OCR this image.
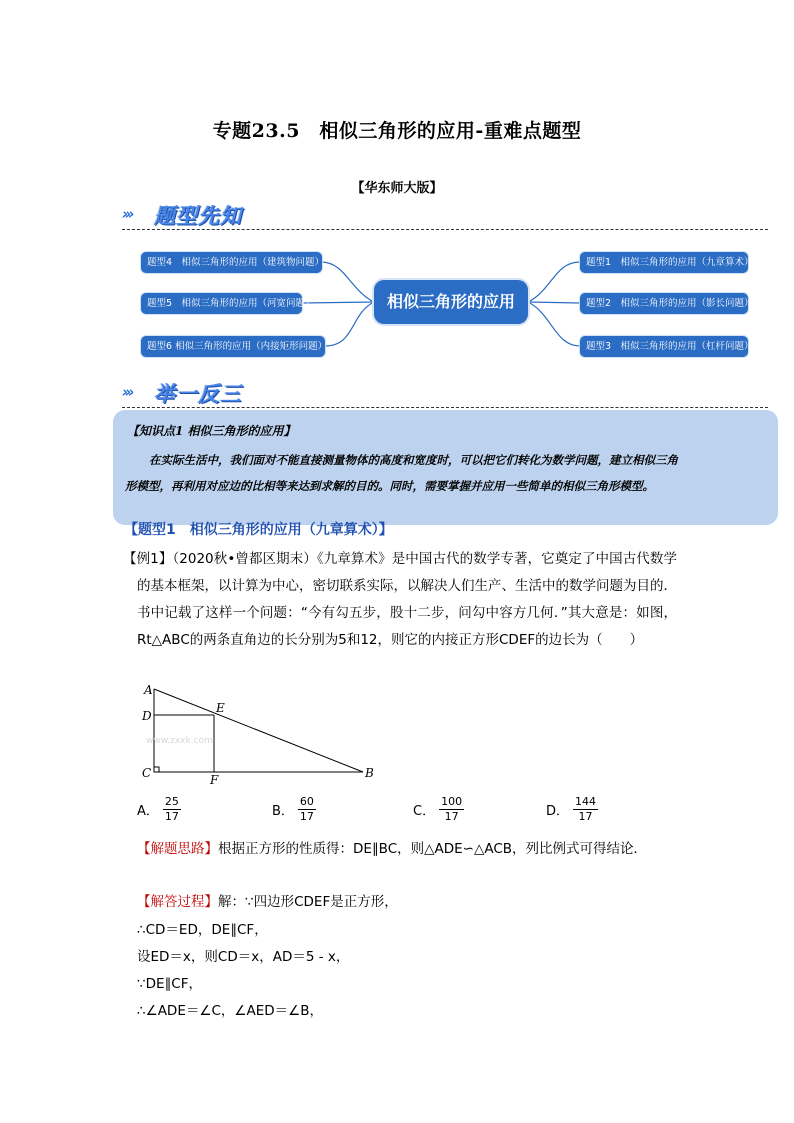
专题23.5　相似三角形的应用-重难点题型
【华东师大版】
››› 题型先知
题型4　相似三角形的应用（建筑物问题）
题型5　相似三角形的应用（河宽问题）
题型6 相似三角形的应用（内接矩形问题）
相似三角形的应用
题型1　相似三角形的应用（九章算术）
题型2　相似三角形的应用（影长问题）
题型3　相似三角形的应用（杠杆问题）
››› 举一反三
【知识点1 相似三角形的应用】
在实际生活中，我们面对不能直接测量物体的高度和宽度时，可以把它们转化为数学问题，建立相似三角形模型，再利用对应边的比相等来达到求解的目的。同时，需要掌握并应用一些简单的相似三角形模型。
【题型1　相似三角形的应用（九章算术）】
【例1】（2020秋•曾都区期末）《九章算术》是中国古代的数学专著，它奠定了中国古代数学的基本框架，以计算为中心，密切联系实际，以解决人们生产、生活中的数学问题为目的．书中记载了这样一个问题：“今有勾五步，股十二步，问勾中容方几何．”其大意是：如图，Rt△ABC的两条直角边的长分别为5和12，则它的内接正方形CDEF的边长为（　　）
www.zxxk.com
A
D
E
C	F	B
A． $\frac{25}{17}$	B． $\frac{60}{17}$	C． $\frac{100}{17}$	D． $\frac{144}{17}$
【解题思路】根据正方形的性质得：DE∥BC，则△ADE∽△ACB，列比例式可得结论．
【解答过程】解：∵四边形CDEF是正方形，
∴CD＝ED，DE∥CF，
设ED＝x，则CD＝x，AD＝5 - x，
∵DE∥CF，
∴∠ADE＝∠C，∠AED＝∠B，
